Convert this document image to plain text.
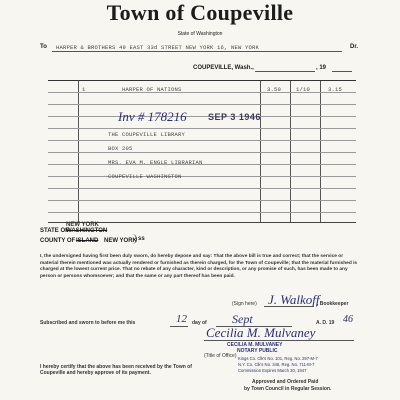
Town of Coupeville
State of Washington
To HARPER & BROTHERS 49 EAST 33d STREET NEW YORK 16, NEW YORK	Dr.
COUPEVILLE, Wash.,	, 19
1	HARPER OF NATIONS	3.50	1/10	3.15
Inv # 178216 SEP 3 1946
THE COUPEVILLE LIBRARY
BOX 205
MRS. EVA M. ENGLE LIBRARIAN
COUPEVILLE WASHINGTON
STATE OF
NEW YORK
WASHINGTON
COUNTY OF ISLAND NEW YORK ss
I, the undersigned having first been duly sworn, do hereby depose and say: That the above bill is true and correct; that the service or material therein mentioned was actually rendered or furnished as therein charged, for the Town of Coupeville; that the material furnished is charged at the lowest current price. That no rebate of any character, kind or description, or any promise of such, has been made to any person or persons whomsoever; and that the same or any part thereof has been paid.
(Sign here) J. Walkoff
, Bookkeeper
Subscribed and sworn to before me this	12 day of Sept	A. D. 19 46
Cecilia M. Mulvaney
CECILIA M. MULVANEY
NOTARY PUBLIC
(Title of Office) Kings Co. Clk's No. 101, Reg. No. 297-M-7
N.Y. Co. Clk's No. 348, Reg. No. 711-M-7
Commission Expires March 30, 1947
I hereby certify that the above has been received by the Town of Coupeville and hereby approve of its payment.
Approved and Ordered Paid
by Town Council in Regular Session.
